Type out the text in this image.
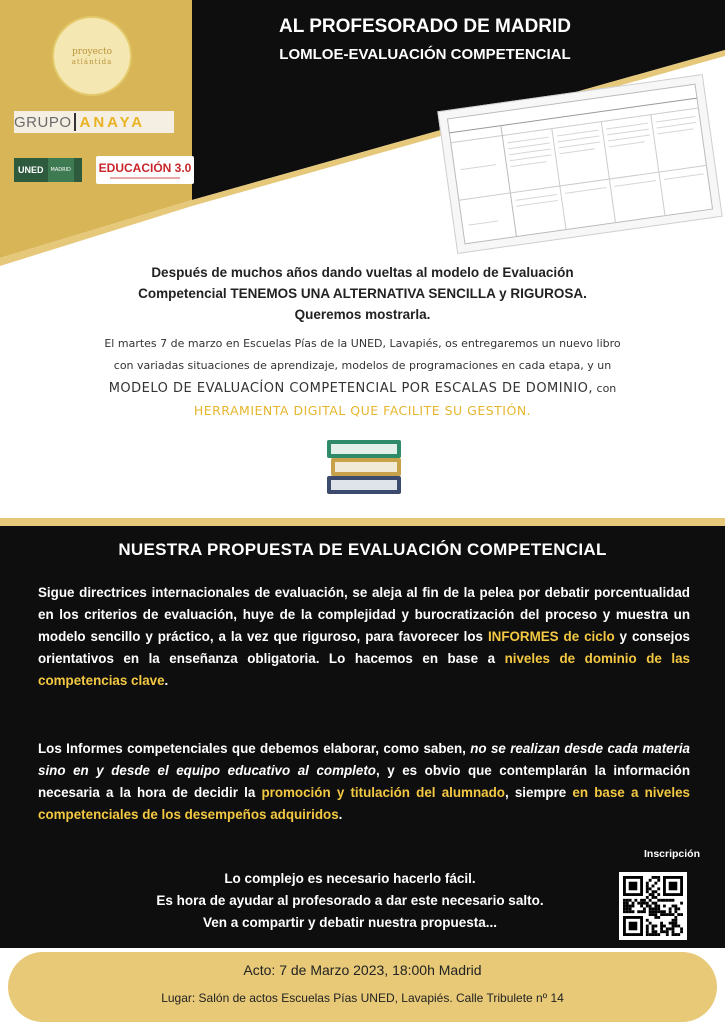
proyecto
atlántida
GRUPO ANAYA
UNED	MADRID EDUCACIÓN 3.0
AL PROFESORADO DE MADRID
LOMLOE-EVALUACIÓN COMPETENCIAL
Después de muchos años dando vueltas al modelo de Evaluación
Competencial TENEMOS UNA ALTERNATIVA SENCILLA y RIGUROSA.
Queremos mostrarla.
El martes 7 de marzo en Escuelas Pías de la UNED, Lavapiés, os entregaremos un nuevo libro
con variadas situaciones de aprendizaje, modelos de programaciones en cada etapa, y un
MODELO DE EVALUACÍON COMPETENCIAL POR ESCALAS DE DOMINIO, con
HERRAMIENTA DIGITAL QUE FACILITE SU GESTIÓN.
NUESTRA PROPUESTA DE EVALUACIÓN COMPETENCIAL
Sigue directrices internacionales de evaluación, se aleja al fin de la pelea por debatir porcentualidad en los criterios de evaluación, huye de la complejidad y burocratización del proceso y muestra un modelo sencillo y práctico, a la vez que riguroso, para favorecer los INFORMES de ciclo y consejos orientativos en la enseñanza obligatoria. Lo hacemos en base a niveles de dominio de las competencias clave.
Los Informes competenciales que debemos elaborar, como saben, no se realizan desde cada materia sino en y desde el equipo educativo al completo, y es obvio que contemplarán la información necesaria a la hora de decidir la promoción y titulación del alumnado, siempre en base a niveles competenciales de los desempeños adquiridos.
Inscripción
Lo complejo es necesario hacerlo fácil.
Es hora de ayudar al profesorado a dar este necesario salto.
Ven a compartir y debatir nuestra propuesta...
Acto: 7 de Marzo 2023, 18:00h Madrid
Lugar: Salón de actos Escuelas Pías UNED, Lavapiés. Calle Tribulete nº 14
